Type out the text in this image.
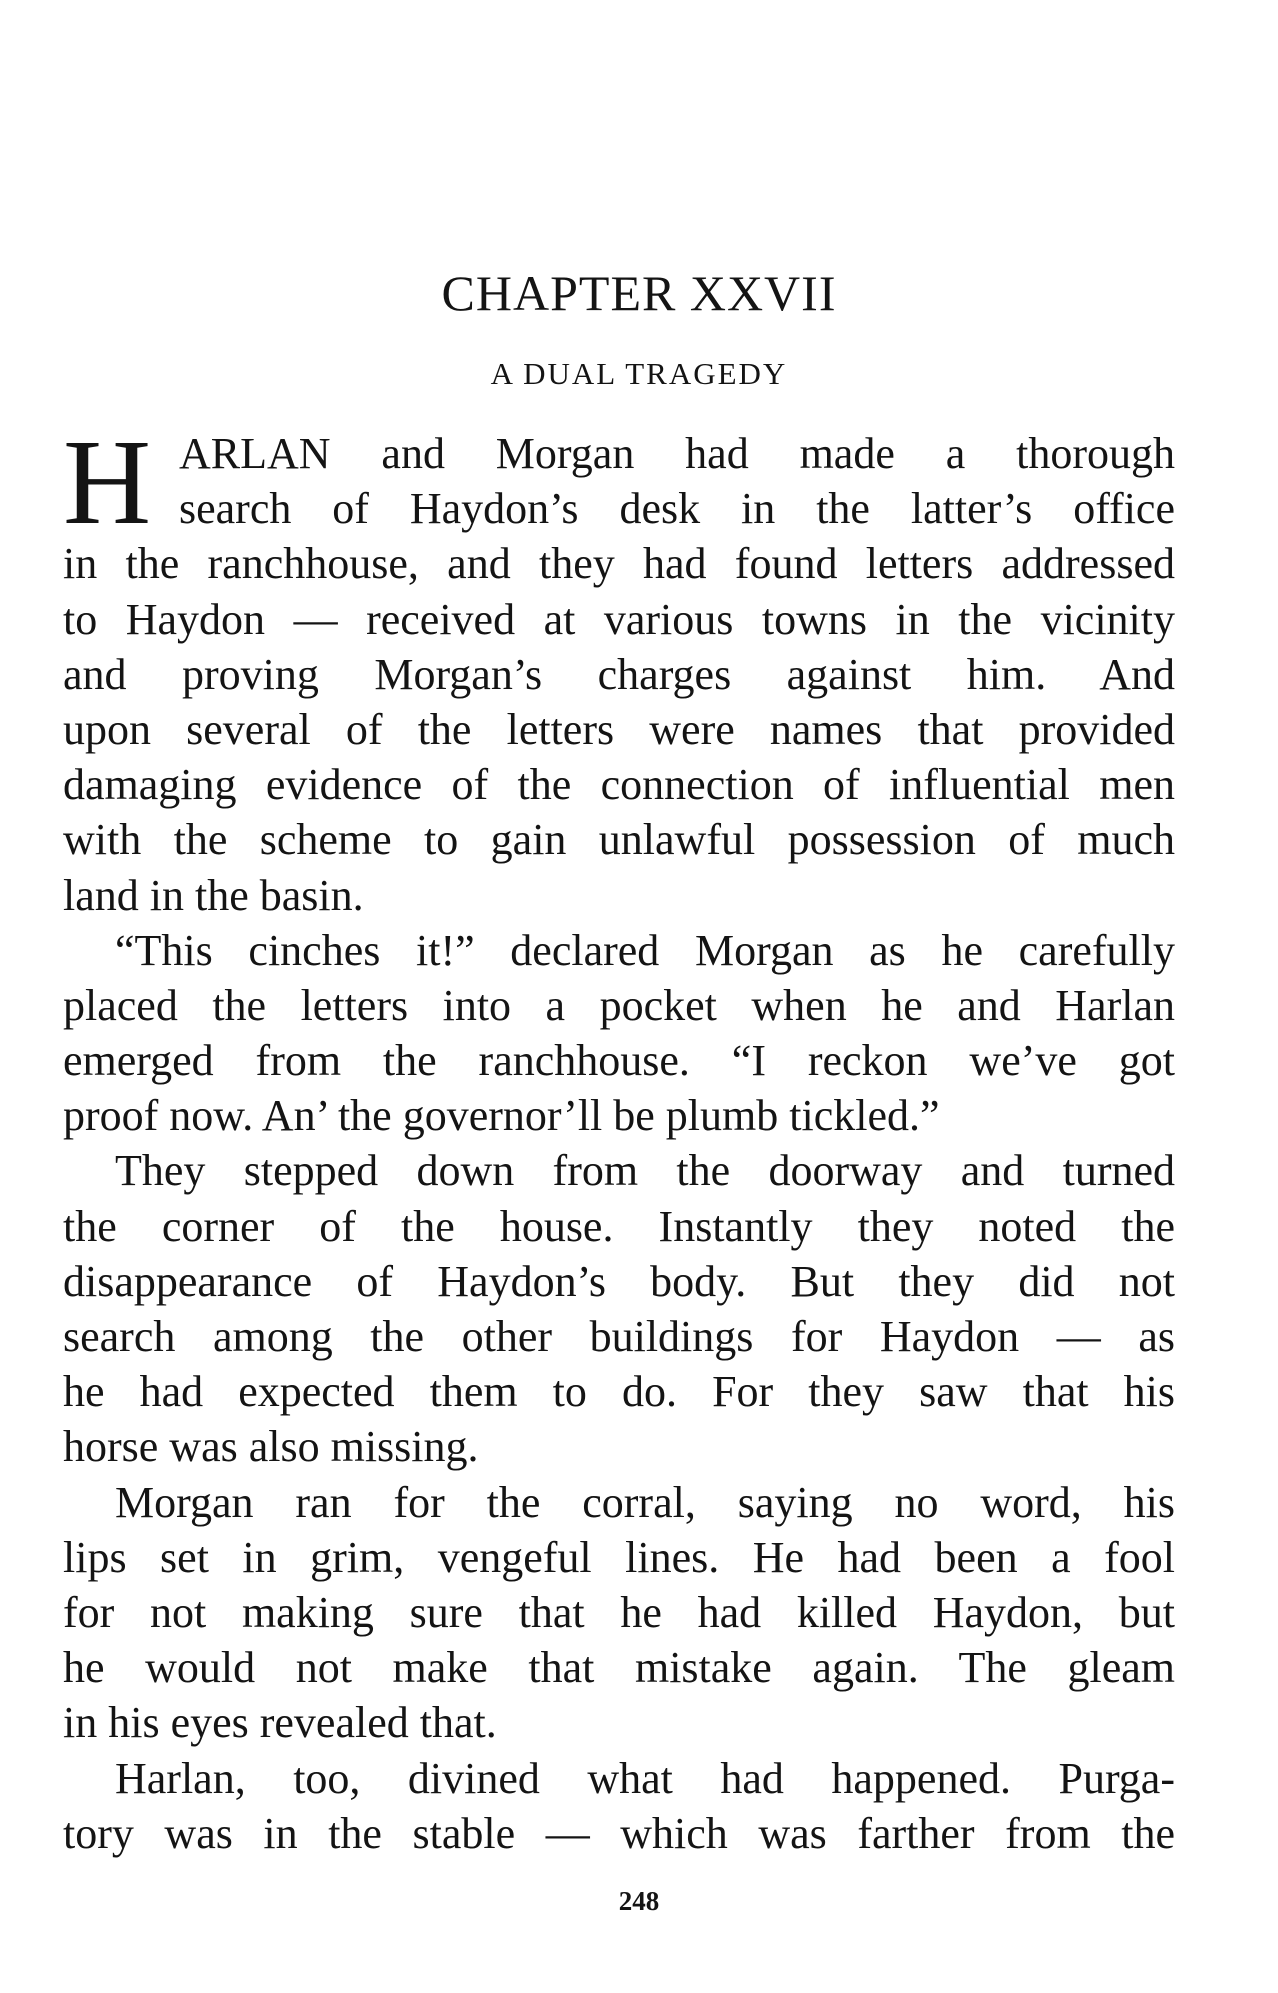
CHAPTER XXVII
A DUAL TRAGEDY
H ARLAN and Morgan had made a thorough
search of Haydon’s desk in the latter’s office
in the ranchhouse, and they had found letters addressed
to Haydon — received at various towns in the vicinity
and proving Morgan’s charges against him. And
upon several of the letters were names that provided
damaging evidence of the connection of influential men
with the scheme to gain unlawful possession of much
land in the basin.
“This cinches it!” declared Morgan as he carefully
placed the letters into a pocket when he and Harlan
emerged from the ranchhouse. “I reckon we’ve got
proof now. An’ the governor’ll be plumb tickled.”
They stepped down from the doorway and turned
the corner of the house. Instantly they noted the
disappearance of Haydon’s body. But they did not
search among the other buildings for Haydon — as
he had expected them to do. For they saw that his
horse was also missing.
Morgan ran for the corral, saying no word, his
lips set in grim, vengeful lines. He had been a fool
for not making sure that he had killed Haydon, but
he would not make that mistake again. The gleam
in his eyes revealed that.
Harlan, too, divined what had happened. Purga-
tory was in the stable — which was farther from the
248
